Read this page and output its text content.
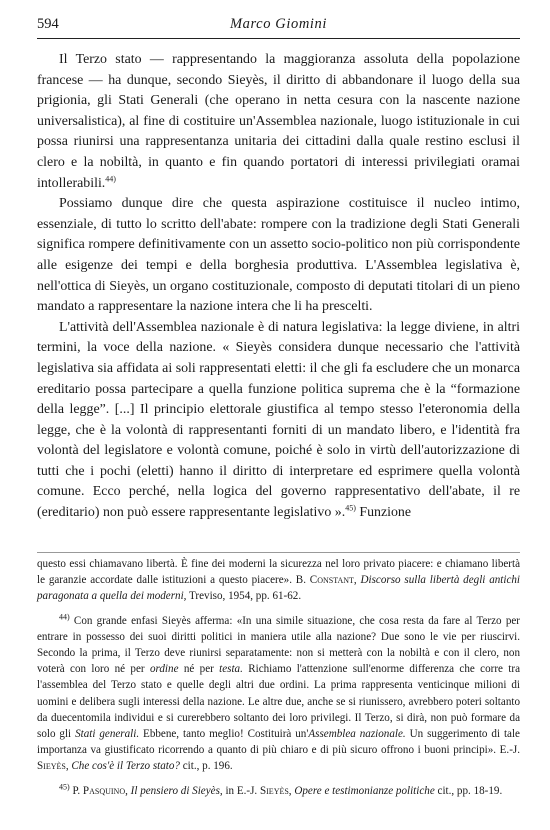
594	Marco Giomini

Il Terzo stato — rappresentando la maggioranza assoluta della popolazione francese — ha dunque, secondo Sieyès, il diritto di abbandonare il luogo della sua prigionia, gli Stati Generali (che operano in netta cesura con la nascente nazione universalistica), al fine di costituire un'Assemblea nazionale, luogo istituzionale in cui possa riunirsi una rappresentanza unitaria dei cittadini dalla quale restino esclusi il clero e la nobiltà, in quanto e fin quando portatori di interessi privilegiati oramai intollerabili.$^{44)}$

Possiamo dunque dire che questa aspirazione costituisce il nucleo intimo, essenziale, di tutto lo scritto dell'abate: rompere con la tradizione degli Stati Generali significa rompere definitivamente con un assetto socio-politico non più corrispondente alle esigenze dei tempi e della borghesia produttiva. L'Assemblea legislativa è, nell'ottica di Sieyès, un organo costituzionale, composto di deputati titolari di un pieno mandato a rappresentare la nazione intera che li ha prescelti.

L'attività dell'Assemblea nazionale è di natura legislativa: la legge diviene, in altri termini, la voce della nazione. « Sieyès considera dunque necessario che l'attività legislativa sia affidata ai soli rappresentati eletti: il che gli fa escludere che un monarca ereditario possa partecipare a quella funzione politica suprema che è la “formazione della legge”. [...] Il principio elettorale giustifica al tempo stesso l'eteronomia della legge, che è la volontà di rappresentanti forniti di un mandato libero, e l'identità fra volontà del legislatore e volontà comune, poiché è solo in virtù dell'autorizzazione di tutti che i pochi (eletti) hanno il diritto di interpretare ed esprimere quella volontà comune. Ecco perché, nella logica del governo rappresentativo dell'abate, il re (ereditario) non può essere rappresentante legislativo ».$^{45)}$ Funzione

questo essi chiamavano libertà. È fine dei moderni la sicurezza nel loro privato piacere: e chiamano libertà le garanzie accordate dalle istituzioni a questo piacere». B. Constant, Discorso sulla libertà degli antichi paragonata a quella dei moderni, Treviso, 1954, pp. 61-62.

$^{44)}$ Con grande enfasi Sieyès afferma: «In una simile situazione, che cosa resta da fare al Terzo per entrare in possesso dei suoi diritti politici in maniera utile alla nazione? Due sono le vie per riuscirvi. Secondo la prima, il Terzo deve riunirsi separatamente: non si metterà con la nobiltà e con il clero, non voterà con loro né per ordine né per testa. Richiamo l'attenzione sull'enorme differenza che corre tra l'assemblea del Terzo stato e quelle degli altri due ordini. La prima rappresenta venticinque milioni di uomini e delibera sugli interessi della nazione. Le altre due, anche se si riunissero, avrebbero poteri soltanto da duecentomila individui e si curerebbero soltanto dei loro privilegi. Il Terzo, si dirà, non può formare da solo gli Stati generali. Ebbene, tanto meglio! Costituirà un'Assemblea nazionale. Un suggerimento di tale importanza va giustificato ricorrendo a quanto di più chiaro e di più sicuro offrono i buoni principi». E.-J. Sieyès, Che cos'è il Terzo stato? cit., p. 196.

$^{45)}$ P. Pasquino, Il pensiero di Sieyès, in E.-J. Sieyès, Opere e testimonianze politiche cit., pp. 18-19.
